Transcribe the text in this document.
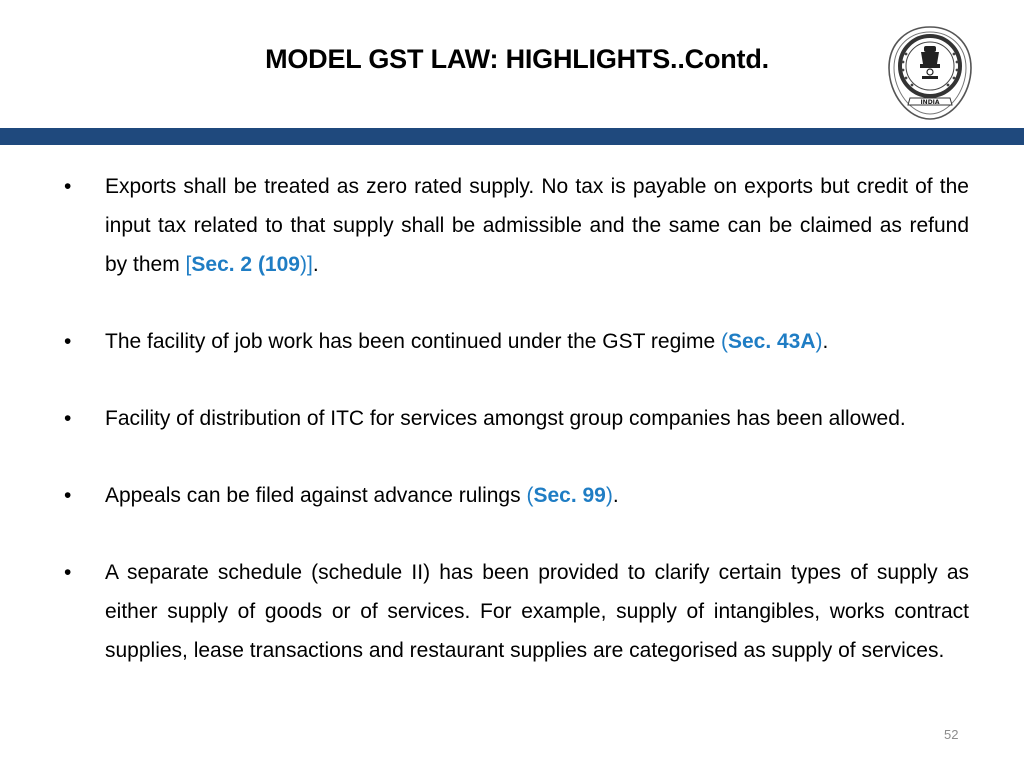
MODEL GST LAW: HIGHLIGHTS..Contd.
INDIA
• Exports shall be treated as zero rated supply. No tax is payable on exports but credit of the input tax related to that supply shall be admissible and the same can be claimed as refund by them [Sec. 2 (109)].
• The facility of job work has been continued under the GST regime (Sec. 43A).
• Facility of distribution of ITC for services amongst group companies has been allowed.
• Appeals can be filed against advance rulings (Sec. 99).
• A separate schedule (schedule II) has been provided to clarify certain types of supply as either supply of goods or of services. For example, supply of intangibles, works contract supplies, lease transactions and restaurant supplies are categorised as supply of services.
52
